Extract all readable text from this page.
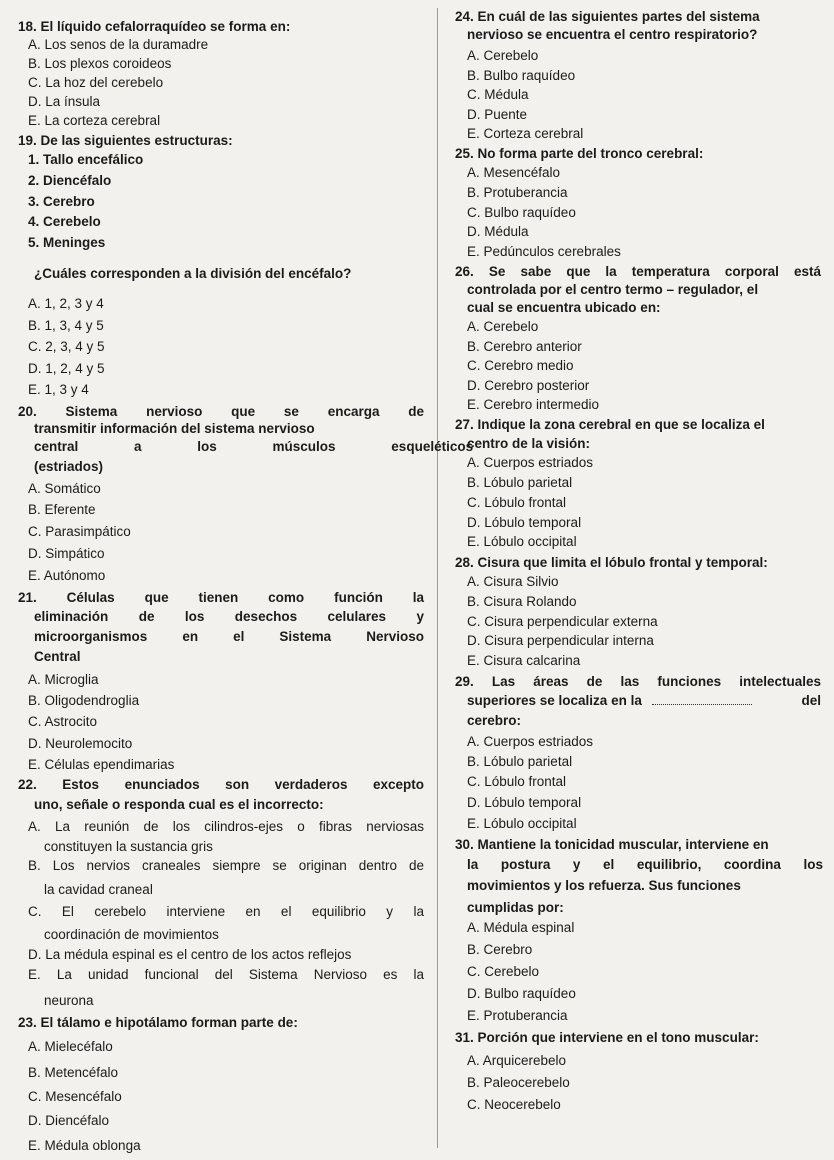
18. El líquido cefalorraquídeo se forma en:
A. Los senos de la duramadre
B. Los plexos coroideos
C. La hoz del cerebelo
D. La ínsula
E. La corteza cerebral
19. De las siguientes estructuras:
1. Tallo encefálico
2. Diencéfalo
3. Cerebro
4. Cerebelo
5. Meninges
¿Cuáles corresponden a la división del encéfalo?
A. 1, 2, 3 y 4
B. 1, 3, 4 y 5
C. 2, 3, 4 y 5
D. 1, 2, 4 y 5
E. 1, 3 y 4
20. Sistema nervioso que se encarga de
transmitir información del sistema nervioso
central a los músculos esqueléticos
(estriados)
A. Somático
B. Eferente
C. Parasimpático
D. Simpático
E. Autónomo
21. Células que tienen como función la
eliminación de los desechos celulares y
microorganismos en el Sistema Nervioso
Central
A. Microglia
B. Oligodendroglia
C. Astrocito
D. Neurolemocito
E. Células ependimarias
22. Estos enunciados son verdaderos excepto
uno, señale o responda cual es el incorrecto:
A. La reunión de los cilindros-ejes o fibras nerviosas
constituyen la sustancia gris
B. Los nervios craneales siempre se originan dentro de
la cavidad craneal
C. El cerebelo interviene en el equilibrio y la
coordinación de movimientos
D. La médula espinal es el centro de los actos reflejos
E. La unidad funcional del Sistema Nervioso es la
neurona
23. El tálamo e hipotálamo forman parte de:
A. Mielecéfalo
B. Metencéfalo
C. Mesencéfalo
D. Diencéfalo
E. Médula oblonga
24. En cuál de las siguientes partes del sistema
nervioso se encuentra el centro respiratorio?
A. Cerebelo
B. Bulbo raquídeo
C. Médula
D. Puente
E. Corteza cerebral
25. No forma parte del tronco cerebral:
A. Mesencéfalo
B. Protuberancia
C. Bulbo raquídeo
D. Médula
E. Pedúnculos cerebrales
26. Se sabe que la temperatura corporal está
controlada por el centro termo – regulador, el
cual se encuentra ubicado en:
A. Cerebelo
B. Cerebro anterior
C. Cerebro medio
D. Cerebro posterior
E. Cerebro intermedio
27. Indique la zona cerebral en que se localiza el
centro de la visión:
A. Cuerpos estriados
B. Lóbulo parietal
C. Lóbulo frontal
D. Lóbulo temporal
E. Lóbulo occipital
28. Cisura que limita el lóbulo frontal y temporal:
A. Cisura Silvio
B. Cisura Rolando
C. Cisura perpendicular externa
D. Cisura perpendicular interna
E. Cisura calcarina
29. Las áreas de las funciones intelectuales
superiores se localiza en la	del
cerebro:
A. Cuerpos estriados
B. Lóbulo parietal
C. Lóbulo frontal
D. Lóbulo temporal
E. Lóbulo occipital
30. Mantiene la tonicidad muscular, interviene en
la postura y el equilibrio, coordina los
movimientos y los refuerza. Sus funciones
cumplidas por:
A. Médula espinal
B. Cerebro
C. Cerebelo
D. Bulbo raquídeo
E. Protuberancia
31. Porción que interviene en el tono muscular:
A. Arquicerebelo
B. Paleocerebelo
C. Neocerebelo
